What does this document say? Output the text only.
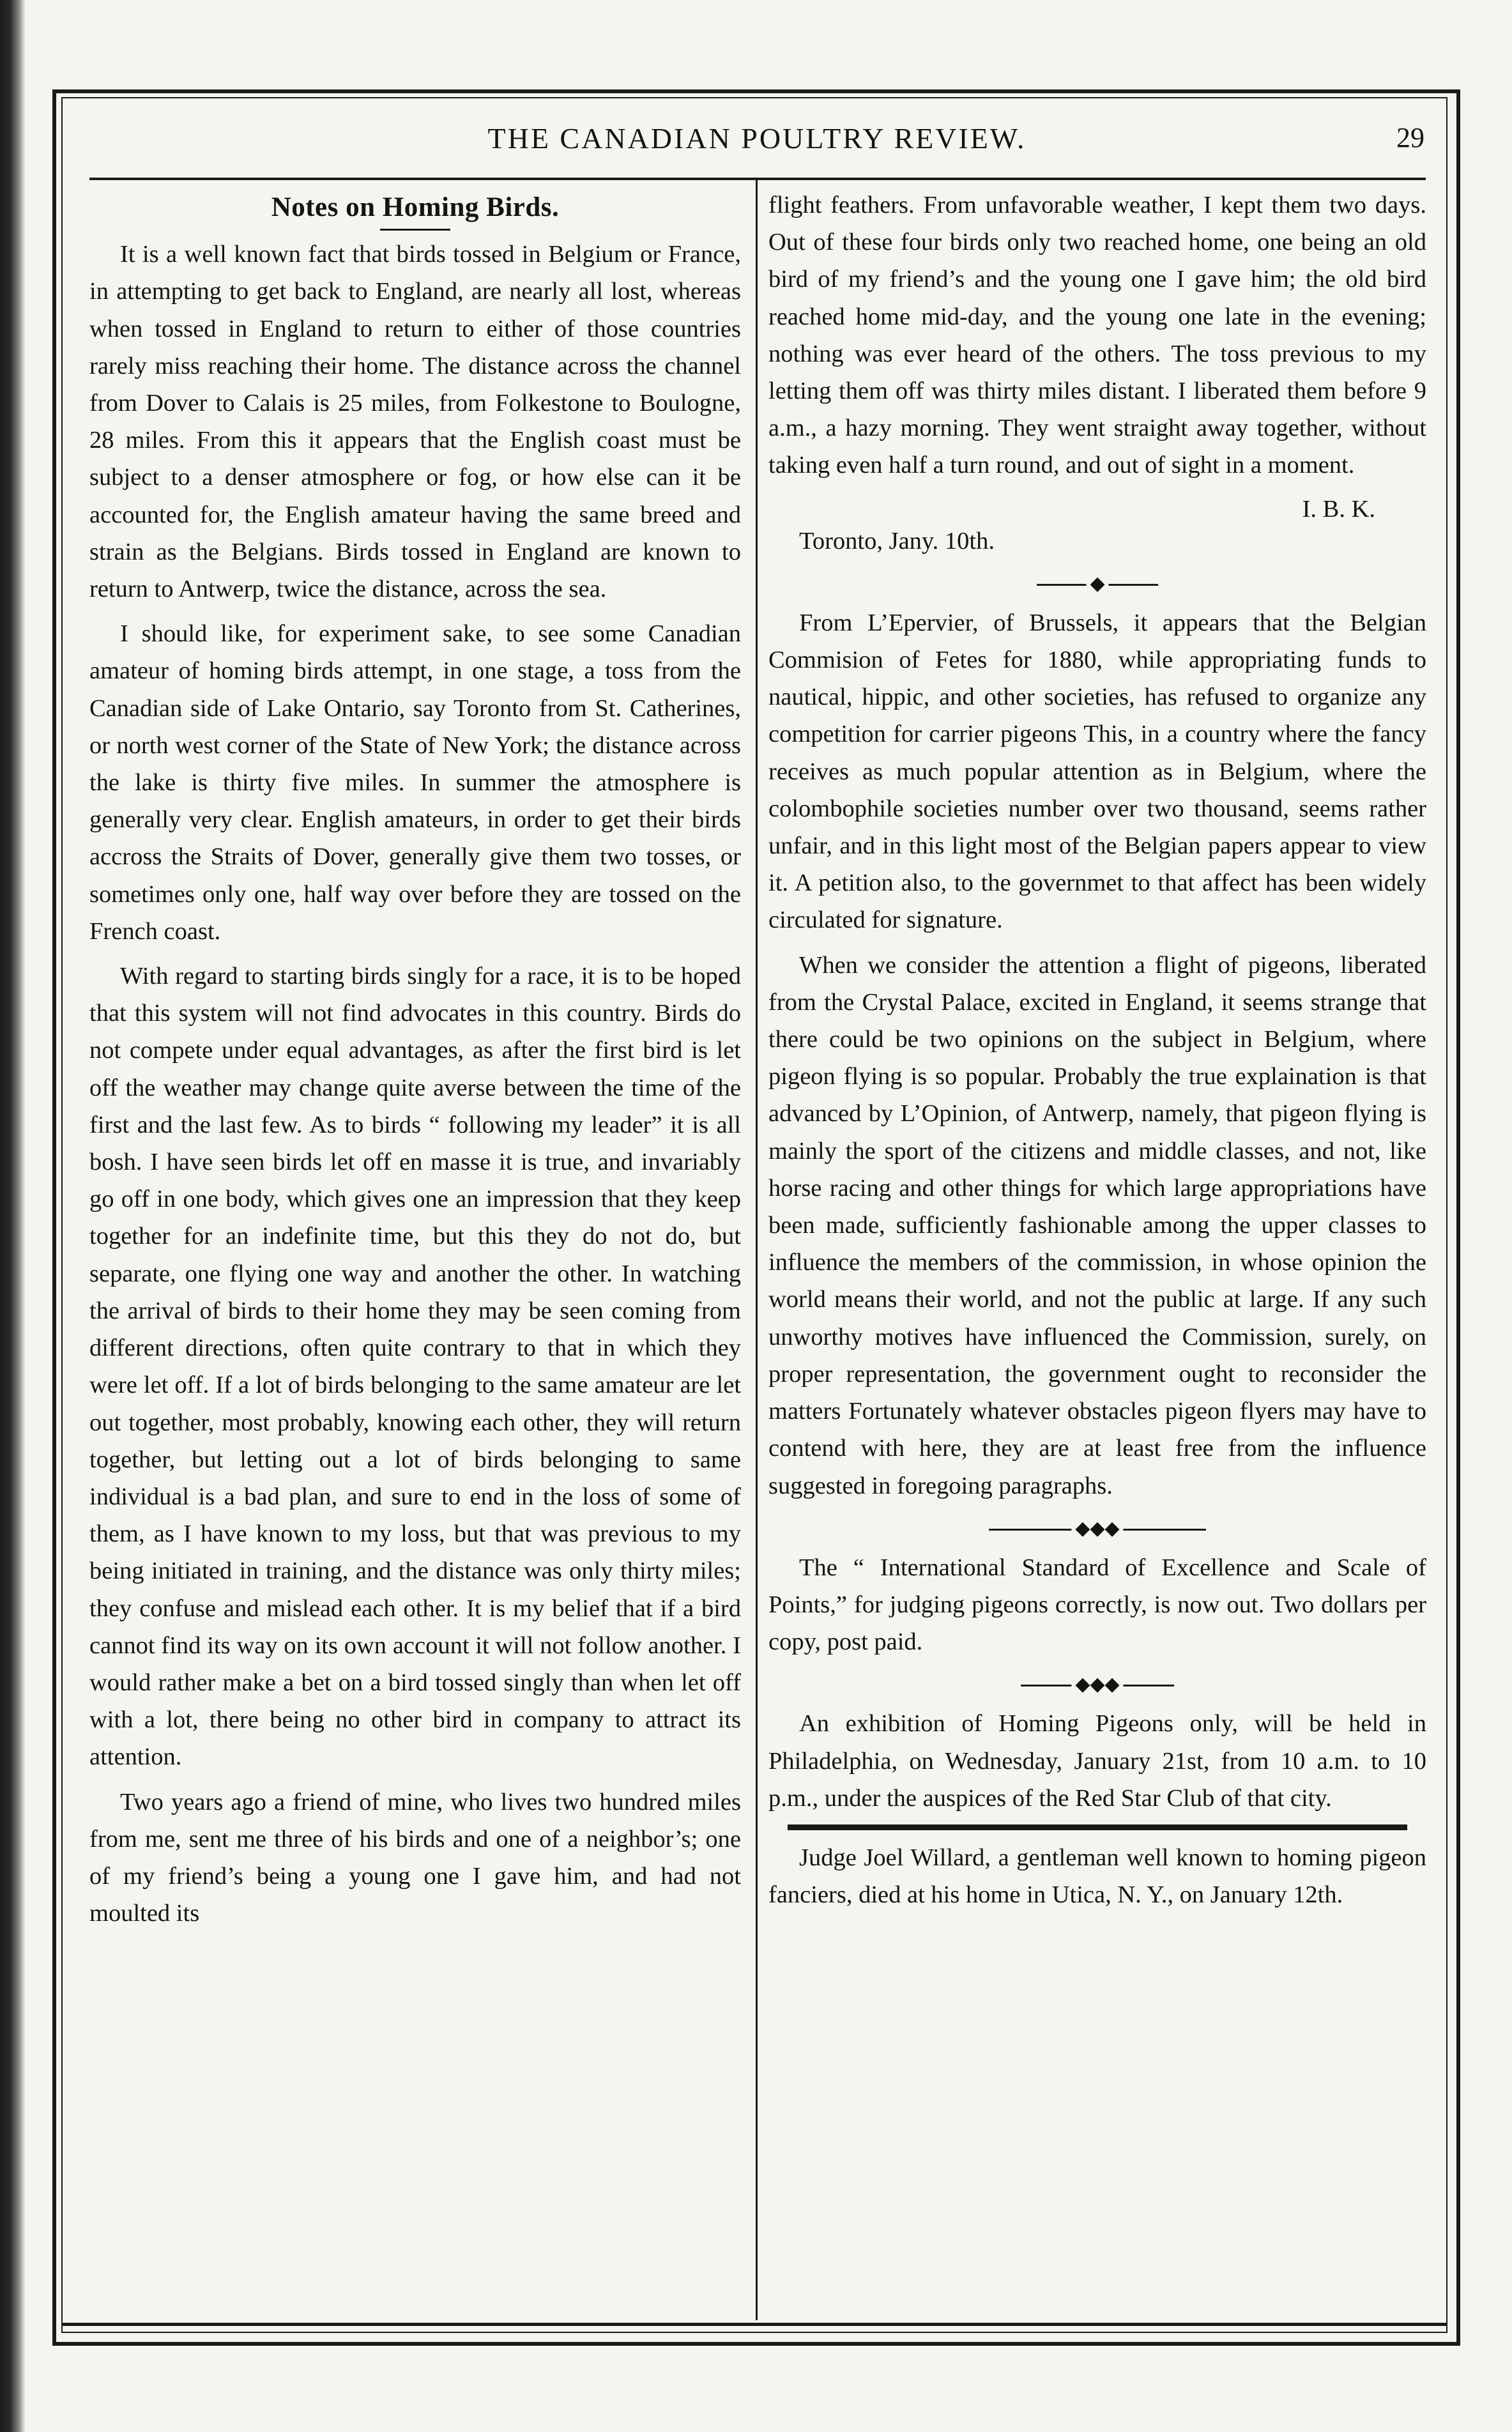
THE CANADIAN POULTRY REVIEW.	29
Notes on Homing Birds.

It is a well known fact that birds tossed in Belgium or France, in attempting to get back to England, are nearly all lost, whereas when tossed in England to return to either of those countries rarely miss reaching their home. The distance across the channel from Dover to Calais is 25 miles, from Folkestone to Boulogne, 28 miles. From this it appears that the English coast must be subject to a denser atmosphere or fog, or how else can it be accounted for, the English amateur having the same breed and strain as the Belgians. Birds tossed in England are known to return to Antwerp, twice the distance, across the sea.

I should like, for experiment sake, to see some Canadian amateur of homing birds attempt, in one stage, a toss from the Canadian side of Lake Ontario, say Toronto from St. Catherines, or north west corner of the State of New York; the distance across the lake is thirty five miles. In summer the atmosphere is generally very clear. English amateurs, in order to get their birds accross the Straits of Dover, generally give them two tosses, or sometimes only one, half way over before they are tossed on the French coast.

With regard to starting birds singly for a race, it is to be hoped that this system will not find advocates in this country. Birds do not compete under equal advantages, as after the first bird is let off the weather may change quite averse between the time of the first and the last few. As to birds “ following my leader” it is all bosh. I have seen birds let off en masse it is true, and invariably go off in one body, which gives one an impression that they keep together for an indefinite time, but this they do not do, but separate, one flying one way and another the other. In watching the arrival of birds to their home they may be seen coming from different directions, often quite contrary to that in which they were let off. If a lot of birds belonging to the same amateur are let out together, most probably, knowing each other, they will return together, but letting out a lot of birds belonging to same individual is a bad plan, and sure to end in the loss of some of them, as I have known to my loss, but that was previous to my being initiated in training, and the distance was only thirty miles; they confuse and mislead each other. It is my belief that if a bird cannot find its way on its own account it will not follow another. I would rather make a bet on a bird tossed singly than when let off with a lot, there being no other bird in company to attract its attention.

Two years ago a friend of mine, who lives two hundred miles from me, sent me three of his birds and one of a neighbor’s; one of my friend’s being a young one I gave him, and had not moulted its

flight feathers. From unfavorable weather, I kept them two days. Out of these four birds only two reached home, one being an old bird of my friend’s and the young one I gave him; the old bird reached home mid-day, and the young one late in the evening; nothing was ever heard of the others. The toss previous to my letting them off was thirty miles distant. I liberated them before 9 a.m., a hazy morning. They went straight away together, without taking even half a turn round, and out of sight in a moment.

I. B. K.

Toronto, Jany. 10th.

◆

From L’Epervier, of Brussels, it appears that the Belgian Commision of Fetes for 1880, while appropriating funds to nautical, hippic, and other societies, has refused to organize any competition for carrier pigeons This, in a country where the fancy receives as much popular attention as in Belgium, where the colombophile societies number over two thousand, seems rather unfair, and in this light most of the Belgian papers appear to view it. A petition also, to the governmet to that affect has been widely circulated for signature.

When we consider the attention a flight of pigeons, liberated from the Crystal Palace, excited in England, it seems strange that there could be two opinions on the subject in Belgium, where pigeon flying is so popular. Probably the true explaination is that advanced by L’Opinion, of Antwerp, namely, that pigeon flying is mainly the sport of the citizens and middle classes, and not, like horse racing and other things for which large appropriations have been made, sufficiently fashionable among the upper classes to influence the members of the commission, in whose opinion the world means their world, and not the public at large. If any such unworthy motives have influenced the Commission, surely, on proper representation, the government ought to reconsider the matters Fortunately whatever obstacles pigeon flyers may have to contend with here, they are at least free from the influence suggested in foregoing paragraphs.

◆◆◆

The “ International Standard of Excellence and Scale of Points,” for judging pigeons correctly, is now out. Two dollars per copy, post paid.

◆◆◆

An exhibition of Homing Pigeons only, will be held in Philadelphia, on Wednesday, January 21st, from 10 a.m. to 10 p.m., under the auspices of the Red Star Club of that city.

Judge Joel Willard, a gentleman well known to homing pigeon fanciers, died at his home in Utica, N. Y., on January 12th.
